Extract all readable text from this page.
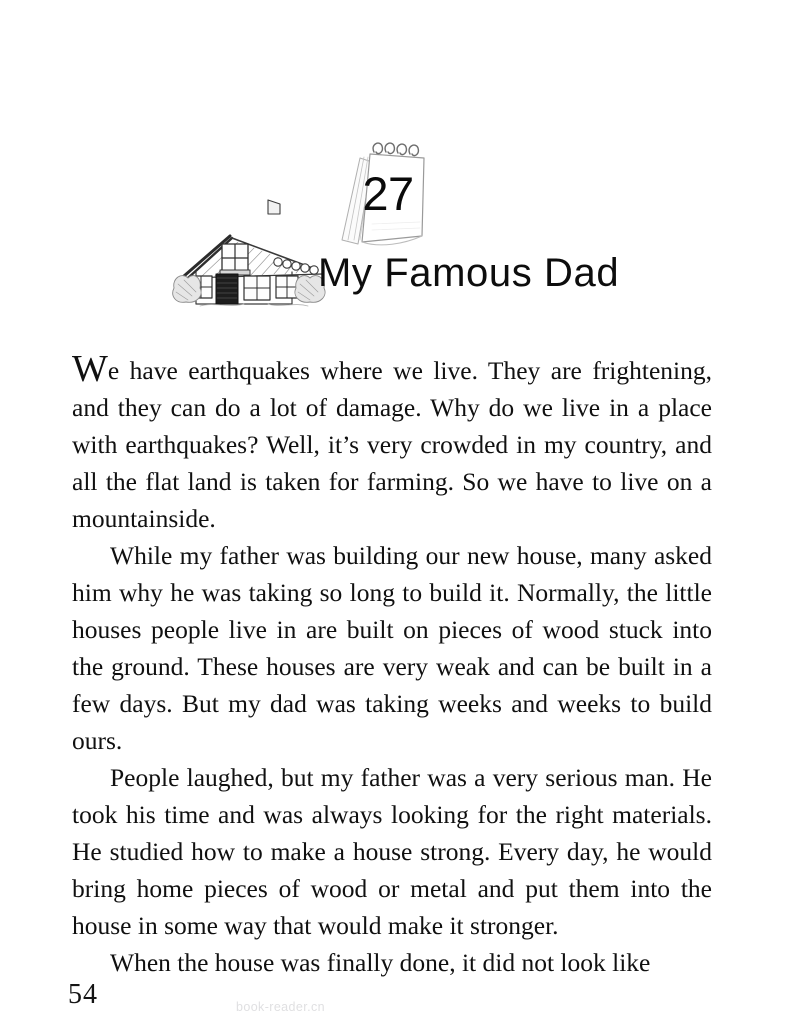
27
My Famous Dad

We have earthquakes where we live. They are frightening, and they can do a lot of damage. Why do we live in a place with earthquakes? Well, it’s very crowded in my country, and all the flat land is taken for farming. So we have to live on a mountainside.

While my father was building our new house, many asked him why he was taking so long to build it. Normally, the little houses people live in are built on pieces of wood stuck into the ground. These houses are very weak and can be built in a few days. But my dad was taking weeks and weeks to build ours.

People laughed, but my father was a very serious man. He took his time and was always looking for the right materials. He studied how to make a house strong. Every day, he would bring home pieces of wood or metal and put them into the house in some way that would make it stronger.

When the house was finally done, it did not look like

54	book-reader.cn
